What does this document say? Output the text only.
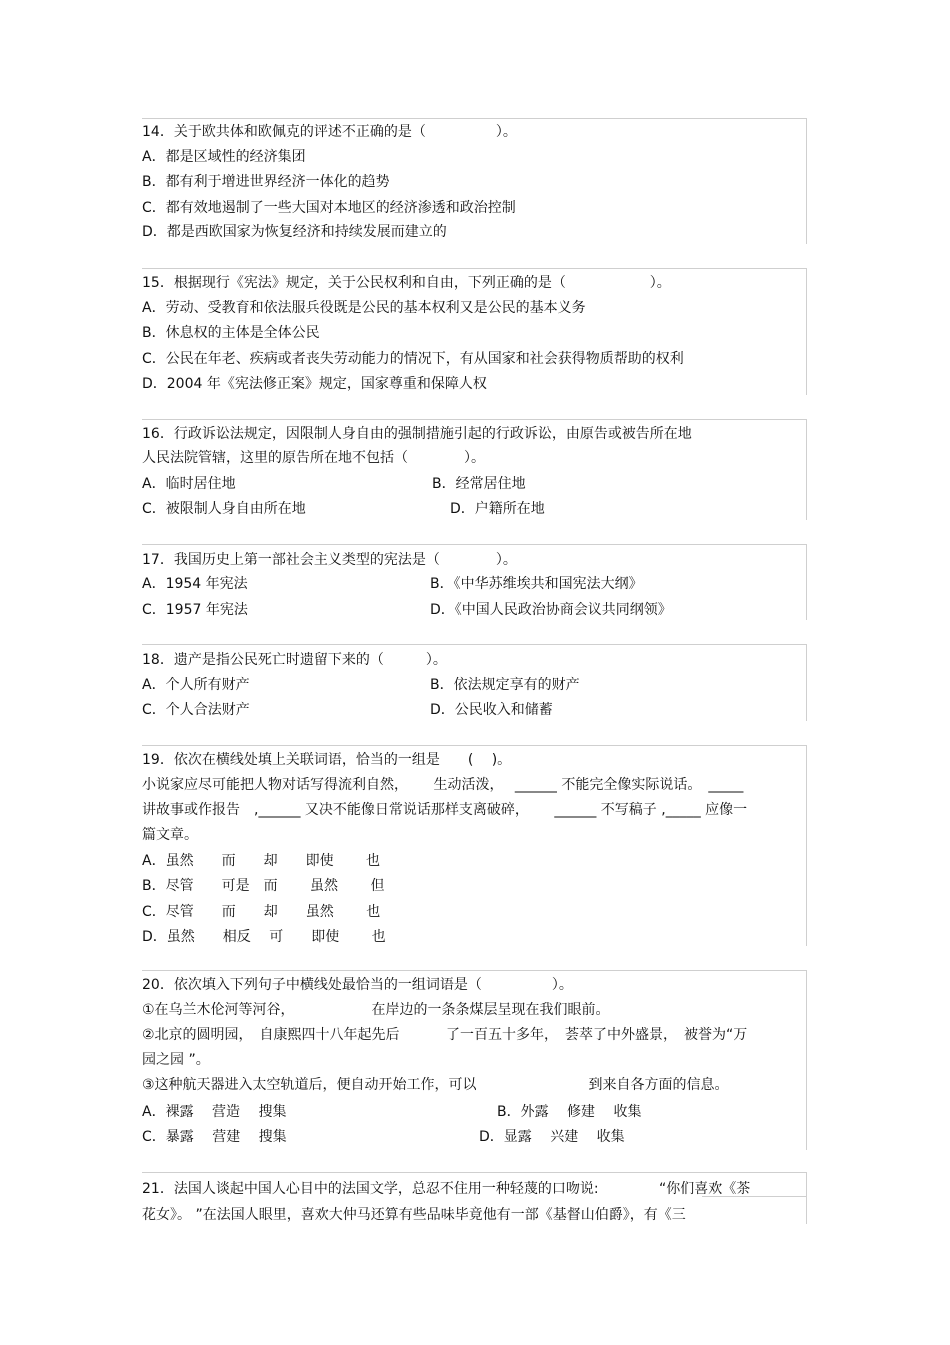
14．关于欧共体和欧佩克的评述不正确的是（　　　　　）。
A．都是区域性的经济集团
B．都有利于增进世界经济一体化的趋势
C．都有效地遏制了一些大国对本地区的经济渗透和政治控制
D．都是西欧国家为恢复经济和持续发展而建立的
15．根据现行《宪法》规定，关于公民权利和自由，下列正确的是（　　　　　　）。
A．劳动、受教育和依法服兵役既是公民的基本权利又是公民的基本义务
B．休息权的主体是全体公民
C．公民在年老、疾病或者丧失劳动能力的情况下，有从国家和社会获得物质帮助的权利
D．2004 年《宪法修正案》规定，国家尊重和保障人权
16．行政诉讼法规定，因限制人身自由的强制措施引起的行政诉讼，由原告或被告所在地
人民法院管辖，这里的原告所在地不包括（　　　　）。
A．临时居住地	B．经常居住地
C．被限制人身自由所在地	D．户籍所在地
17．我国历史上第一部社会主义类型的宪法是（　　　　）。
A．1954 年宪法	B．《中华苏维埃共和国宪法大纲》
C．1957 年宪法	D．《中国人民政治协商会议共同纲领》
18．遗产是指公民死亡时遗留下来的（　　　）。
A．个人所有财产	B．依法规定享有的财产
C．个人合法财产	D．公民收入和储蓄
19．依次在横线处填上关联词语，恰当的一组是　　(　 )。
小说家应尽可能把人物对话写得流利自然，　　 生动活泼，　 ______ 不能完全像实际说话。　_____
讲故事或作报告　,______ 又决不能像日常说话那样支离破碎，　　 ______ 不写稿子 ,_____ 应像一
篇文章。
A．虽然　　而　　却　　即使　　 也
B．尽管　　可是　而　　 虽然　　 但
C．尽管　　而　　却　　虽然　　 也
D．虽然　　相反　 可　　即使　　 也
20．依次填入下列句子中横线处最恰当的一组词语是（　　　　　）。
①在乌兰木伦河等河谷，　　　　　　在岸边的一条条煤层呈现在我们眼前。
②北京的圆明园，　自康熙四十八年起先后　　　 了一百五十多年，　荟萃了中外盛景，　被誉为“万
园之园 ”。
③这种航天器进入太空轨道后，便自动开始工作，可以　　　　　　　　到来自各方面的信息。
A．裸露　 营造　 搜集	B．外露　 修建　 收集
C．暴露　 营建　 搜集	D．显露　 兴建　 收集
21．法国人谈起中国人心目中的法国文学，总忍不住用一种轻蔑的口吻说:　　　　 “你们喜欢《茶
花女》。 ”在法国人眼里，喜欢大仲马还算有些品味毕竟他有一部《基督山伯爵》，有《三
